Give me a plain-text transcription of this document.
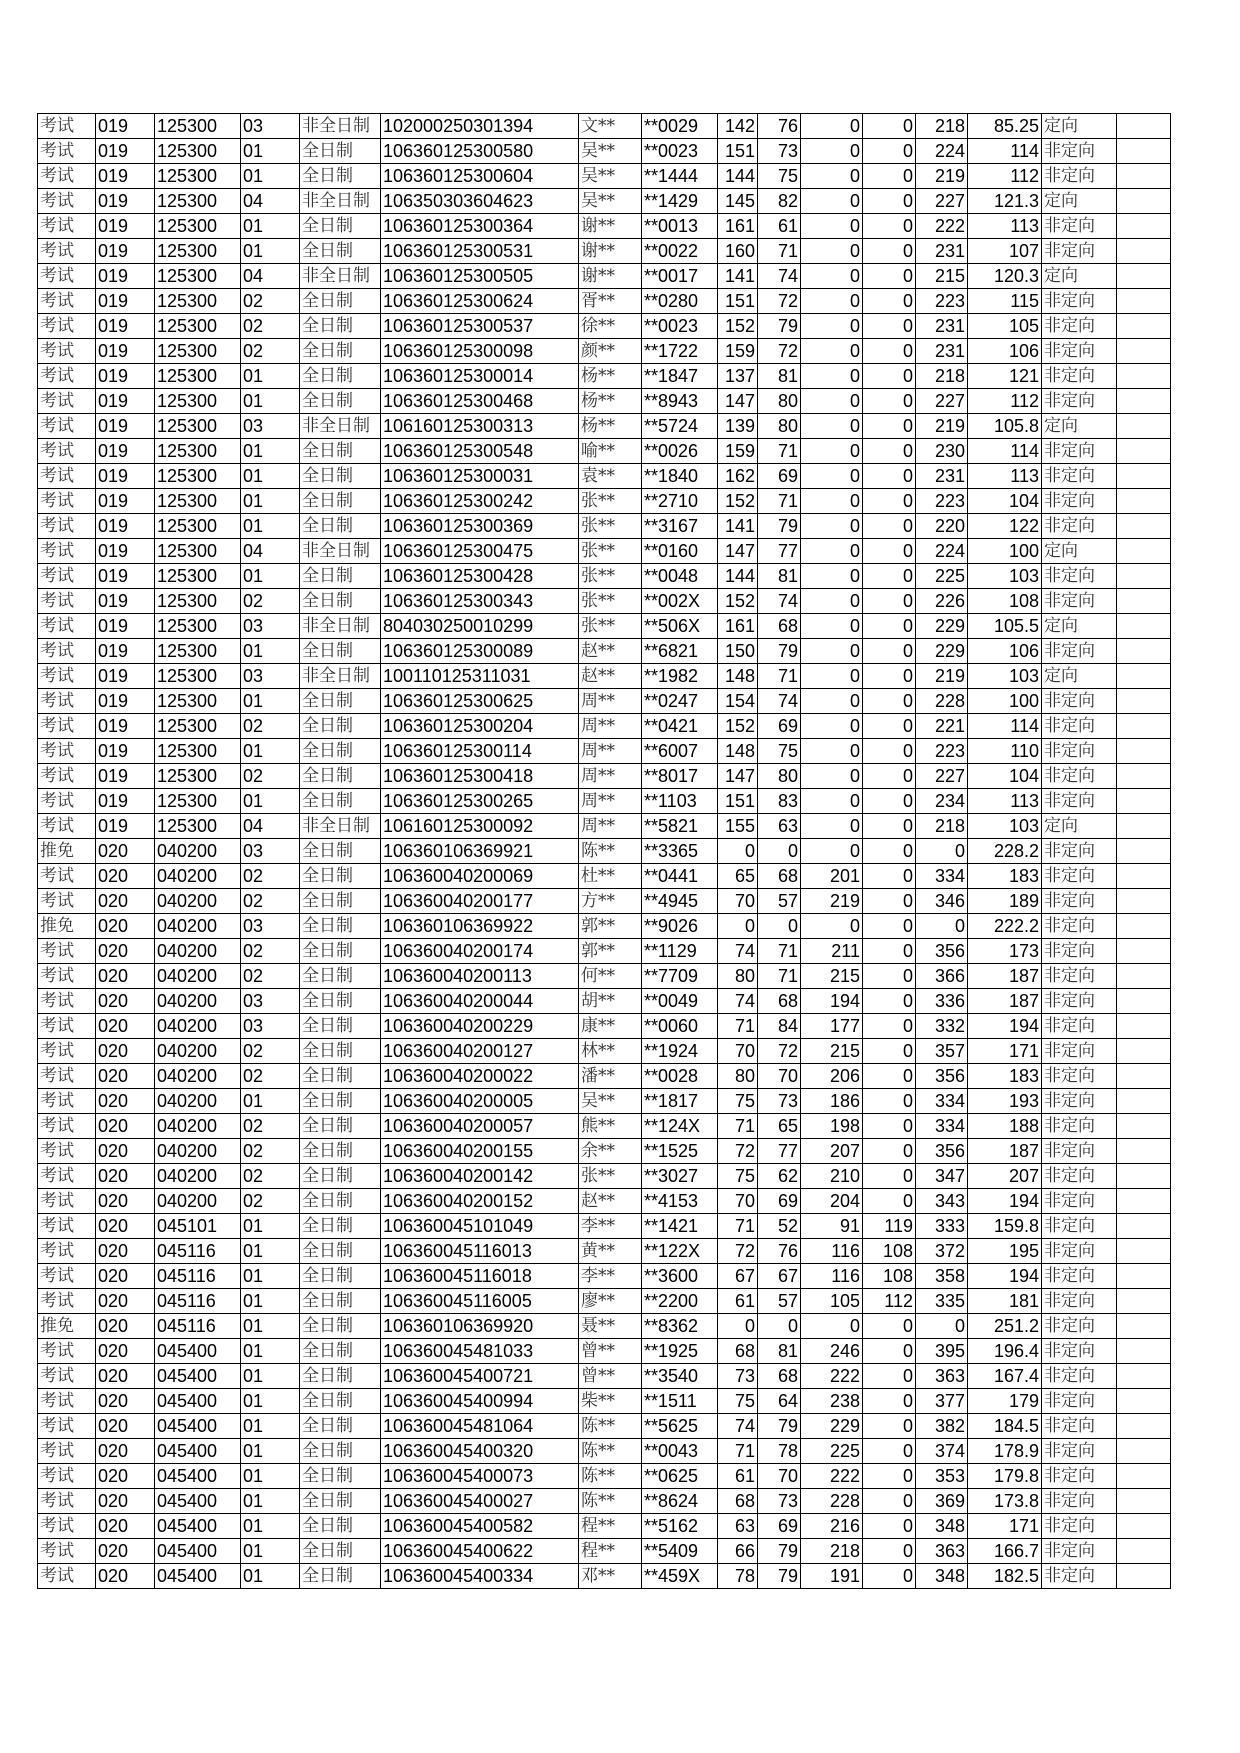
考试	019	125300	03	非全日制	102000250301394	文**	**0029	142	76	0	0	218	85.25	定向	
考试	019	125300	01	全日制	106360125300580	吴**	**0023	151	73	0	0	224	114	非定向	
考试	019	125300	01	全日制	106360125300604	吴**	**1444	144	75	0	0	219	112	非定向	
考试	019	125300	04	非全日制	106350303604623	吴**	**1429	145	82	0	0	227	121.3	定向	
考试	019	125300	01	全日制	106360125300364	谢**	**0013	161	61	0	0	222	113	非定向	
考试	019	125300	01	全日制	106360125300531	谢**	**0022	160	71	0	0	231	107	非定向	
考试	019	125300	04	非全日制	106360125300505	谢**	**0017	141	74	0	0	215	120.3	定向	
考试	019	125300	02	全日制	106360125300624	胥**	**0280	151	72	0	0	223	115	非定向	
考试	019	125300	02	全日制	106360125300537	徐**	**0023	152	79	0	0	231	105	非定向	
考试	019	125300	02	全日制	106360125300098	颜**	**1722	159	72	0	0	231	106	非定向	
考试	019	125300	01	全日制	106360125300014	杨**	**1847	137	81	0	0	218	121	非定向	
考试	019	125300	01	全日制	106360125300468	杨**	**8943	147	80	0	0	227	112	非定向	
考试	019	125300	03	非全日制	106160125300313	杨**	**5724	139	80	0	0	219	105.8	定向	
考试	019	125300	01	全日制	106360125300548	喻**	**0026	159	71	0	0	230	114	非定向	
考试	019	125300	01	全日制	106360125300031	袁**	**1840	162	69	0	0	231	113	非定向	
考试	019	125300	01	全日制	106360125300242	张**	**2710	152	71	0	0	223	104	非定向	
考试	019	125300	01	全日制	106360125300369	张**	**3167	141	79	0	0	220	122	非定向	
考试	019	125300	04	非全日制	106360125300475	张**	**0160	147	77	0	0	224	100	定向	
考试	019	125300	01	全日制	106360125300428	张**	**0048	144	81	0	0	225	103	非定向	
考试	019	125300	02	全日制	106360125300343	张**	**002X	152	74	0	0	226	108	非定向	
考试	019	125300	03	非全日制	804030250010299	张**	**506X	161	68	0	0	229	105.5	定向	
考试	019	125300	01	全日制	106360125300089	赵**	**6821	150	79	0	0	229	106	非定向	
考试	019	125300	03	非全日制	100110125311031	赵**	**1982	148	71	0	0	219	103	定向	
考试	019	125300	01	全日制	106360125300625	周**	**0247	154	74	0	0	228	100	非定向	
考试	019	125300	02	全日制	106360125300204	周**	**0421	152	69	0	0	221	114	非定向	
考试	019	125300	01	全日制	106360125300114	周**	**6007	148	75	0	0	223	110	非定向	
考试	019	125300	02	全日制	106360125300418	周**	**8017	147	80	0	0	227	104	非定向	
考试	019	125300	01	全日制	106360125300265	周**	**1103	151	83	0	0	234	113	非定向	
考试	019	125300	04	非全日制	106160125300092	周**	**5821	155	63	0	0	218	103	定向	
推免	020	040200	03	全日制	106360106369921	陈**	**3365	0	0	0	0	0	228.2	非定向	
考试	020	040200	02	全日制	106360040200069	杜**	**0441	65	68	201	0	334	183	非定向	
考试	020	040200	02	全日制	106360040200177	方**	**4945	70	57	219	0	346	189	非定向	
推免	020	040200	03	全日制	106360106369922	郭**	**9026	0	0	0	0	0	222.2	非定向	
考试	020	040200	02	全日制	106360040200174	郭**	**1129	74	71	211	0	356	173	非定向	
考试	020	040200	02	全日制	106360040200113	何**	**7709	80	71	215	0	366	187	非定向	
考试	020	040200	03	全日制	106360040200044	胡**	**0049	74	68	194	0	336	187	非定向	
考试	020	040200	03	全日制	106360040200229	康**	**0060	71	84	177	0	332	194	非定向	
考试	020	040200	02	全日制	106360040200127	林**	**1924	70	72	215	0	357	171	非定向	
考试	020	040200	02	全日制	106360040200022	潘**	**0028	80	70	206	0	356	183	非定向	
考试	020	040200	01	全日制	106360040200005	吴**	**1817	75	73	186	0	334	193	非定向	
考试	020	040200	02	全日制	106360040200057	熊**	**124X	71	65	198	0	334	188	非定向	
考试	020	040200	02	全日制	106360040200155	余**	**1525	72	77	207	0	356	187	非定向	
考试	020	040200	02	全日制	106360040200142	张**	**3027	75	62	210	0	347	207	非定向	
考试	020	040200	02	全日制	106360040200152	赵**	**4153	70	69	204	0	343	194	非定向	
考试	020	045101	01	全日制	106360045101049	李**	**1421	71	52	91	119	333	159.8	非定向	
考试	020	045116	01	全日制	106360045116013	黄**	**122X	72	76	116	108	372	195	非定向	
考试	020	045116	01	全日制	106360045116018	李**	**3600	67	67	116	108	358	194	非定向	
考试	020	045116	01	全日制	106360045116005	廖**	**2200	61	57	105	112	335	181	非定向	
推免	020	045116	01	全日制	106360106369920	聂**	**8362	0	0	0	0	0	251.2	非定向	
考试	020	045400	01	全日制	106360045481033	曾**	**1925	68	81	246	0	395	196.4	非定向	
考试	020	045400	01	全日制	106360045400721	曾**	**3540	73	68	222	0	363	167.4	非定向	
考试	020	045400	01	全日制	106360045400994	柴**	**1511	75	64	238	0	377	179	非定向	
考试	020	045400	01	全日制	106360045481064	陈**	**5625	74	79	229	0	382	184.5	非定向	
考试	020	045400	01	全日制	106360045400320	陈**	**0043	71	78	225	0	374	178.9	非定向	
考试	020	045400	01	全日制	106360045400073	陈**	**0625	61	70	222	0	353	179.8	非定向	
考试	020	045400	01	全日制	106360045400027	陈**	**8624	68	73	228	0	369	173.8	非定向	
考试	020	045400	01	全日制	106360045400582	程**	**5162	63	69	216	0	348	171	非定向	
考试	020	045400	01	全日制	106360045400622	程**	**5409	66	79	218	0	363	166.7	非定向	
考试	020	045400	01	全日制	106360045400334	邓**	**459X	78	79	191	0	348	182.5	非定向	
